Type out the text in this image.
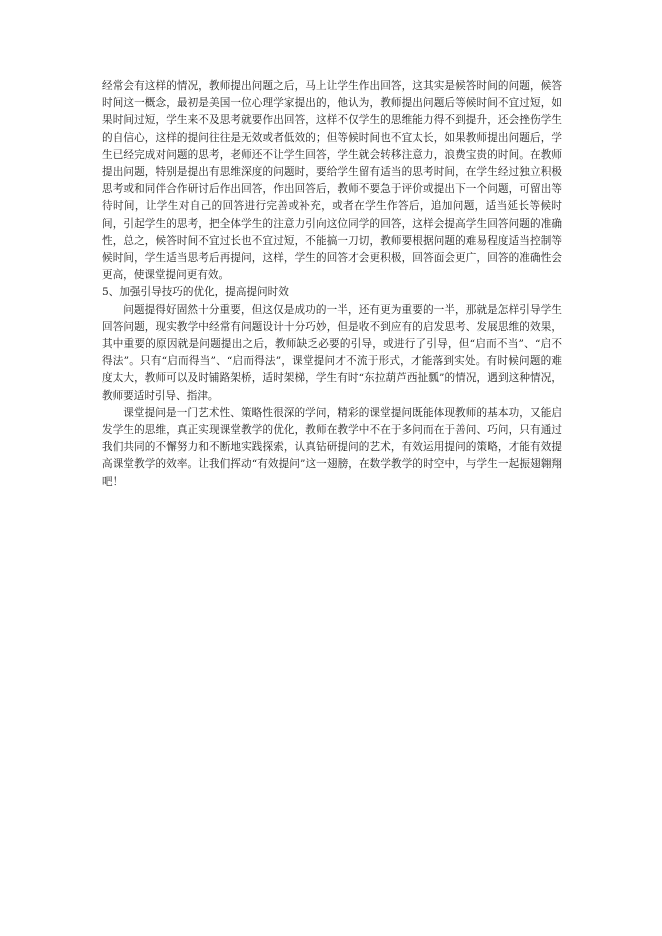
经常会有这样的情况，教师提出问题之后，马上让学生作出回答，这其实是候答时间的问题，候答时间这一概念，最初是美国一位心理学家提出的，他认为，教师提出问题后等候时间不宜过短，如果时间过短，学生来不及思考就要作出回答，这样不仅学生的思维能力得不到提升，还会挫伤学生的自信心，这样的提问往往是无效或者低效的；但等候时间也不宜太长，如果教师提出问题后，学生已经完成对问题的思考，老师还不让学生回答，学生就会转移注意力，浪费宝贵的时间。在教师提出问题，特别是提出有思维深度的问题时，要给学生留有适当的思考时间，在学生经过独立积极思考或和同伴合作研讨后作出回答，作出回答后，教师不要急于评价或提出下一个问题，可留出等待时间，让学生对自己的回答进行完善或补充，或者在学生作答后，追加问题，适当延长等候时间，引起学生的思考，把全体学生的注意力引向这位同学的回答，这样会提高学生回答问题的准确性，总之，候答时间不宜过长也不宜过短，不能搞一刀切，教师要根据问题的难易程度适当控制等候时间，学生适当思考后再提问，这样，学生的回答才会更积极，回答面会更广，回答的准确性会更高，使课堂提问更有效。

5、加强引导技巧的优化，提高提问时效

问题提得好固然十分重要，但这仅是成功的一半，还有更为重要的一半，那就是怎样引导学生回答问题，现实教学中经常有问题设计十分巧妙，但是收不到应有的启发思考、发展思维的效果，其中重要的原因就是问题提出之后，教师缺乏必要的引导，或进行了引导，但“启而不当”、“启不得法”。只有“启而得当”、“启而得法”，课堂提问才不流于形式，才能落到实处。有时候问题的难度太大，教师可以及时铺路架桥，适时架梯，学生有时“东拉葫芦西扯瓢”的情况，遇到这种情况，教师要适时引导、指津。

课堂提问是一门艺术性、策略性很深的学问，精彩的课堂提问既能体现教师的基本功，又能启发学生的思维，真正实现课堂教学的优化，教师在教学中不在于多问而在于善问、巧问，只有通过我们共同的不懈努力和不断地实践探索，认真钻研提问的艺术，有效运用提问的策略，才能有效提高课堂教学的效率。让我们挥动“有效提问”这一翅膀，在数学教学的时空中，与学生一起振翅翱翔吧！
